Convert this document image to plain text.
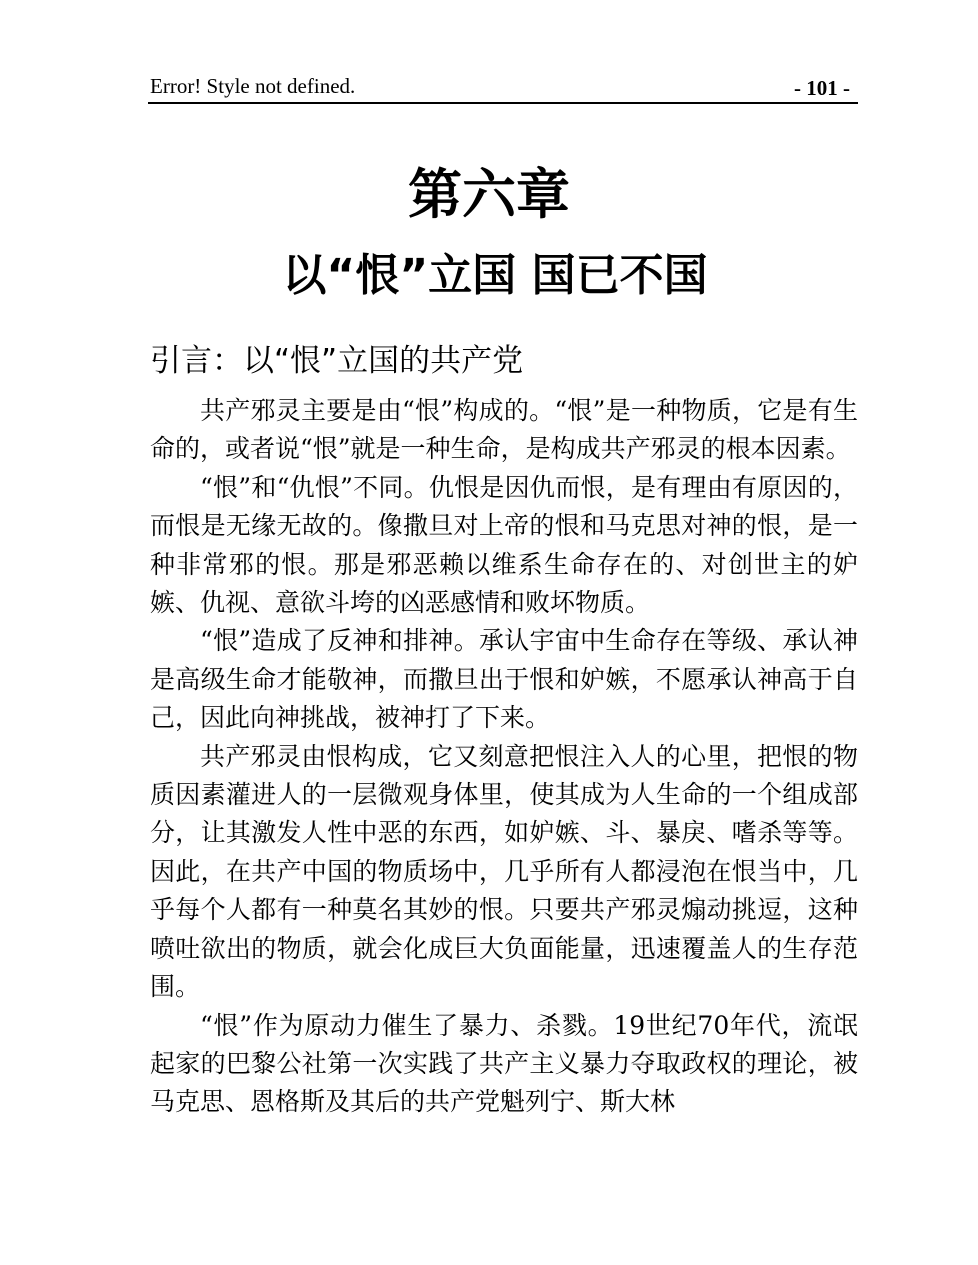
Error! Style not defined.	- 101 -
第六章
以“恨”立国 国已不国
引言：以“恨”立国的共产党

共产邪灵主要是由“恨”构成的。“恨”是一种物质，它是有生命的，或者说“恨”就是一种生命，是构成共产邪灵的根本因素。

“恨”和“仇恨”不同。仇恨是因仇而恨，是有理由有原因的，而恨是无缘无故的。像撒旦对上帝的恨和马克思对神的恨，是一种非常邪的恨。那是邪恶赖以维系生命存在的、对创世主的妒嫉、仇视、意欲斗垮的凶恶感情和败坏物质。

“恨”造成了反神和排神。承认宇宙中生命存在等级、承认神是高级生命才能敬神，而撒旦出于恨和妒嫉，不愿承认神高于自己，因此向神挑战，被神打了下来。

共产邪灵由恨构成，它又刻意把恨注入人的心里，把恨的物质因素灌进人的一层微观身体里，使其成为人生命的一个组成部分，让其激发人性中恶的东西，如妒嫉、斗、暴戾、嗜杀等等。因此，在共产中国的物质场中，几乎所有人都浸泡在恨当中，几乎每个人都有一种莫名其妙的恨。只要共产邪灵煽动挑逗，这种喷吐欲出的物质，就会化成巨大负面能量，迅速覆盖人的生存范围。

“恨”作为原动力催生了暴力、杀戮。19世纪70年代，流氓起家的巴黎公社第一次实践了共产主义暴力夺取政权的理论，被马克思、恩格斯及其后的共产党魁列宁、斯大林
